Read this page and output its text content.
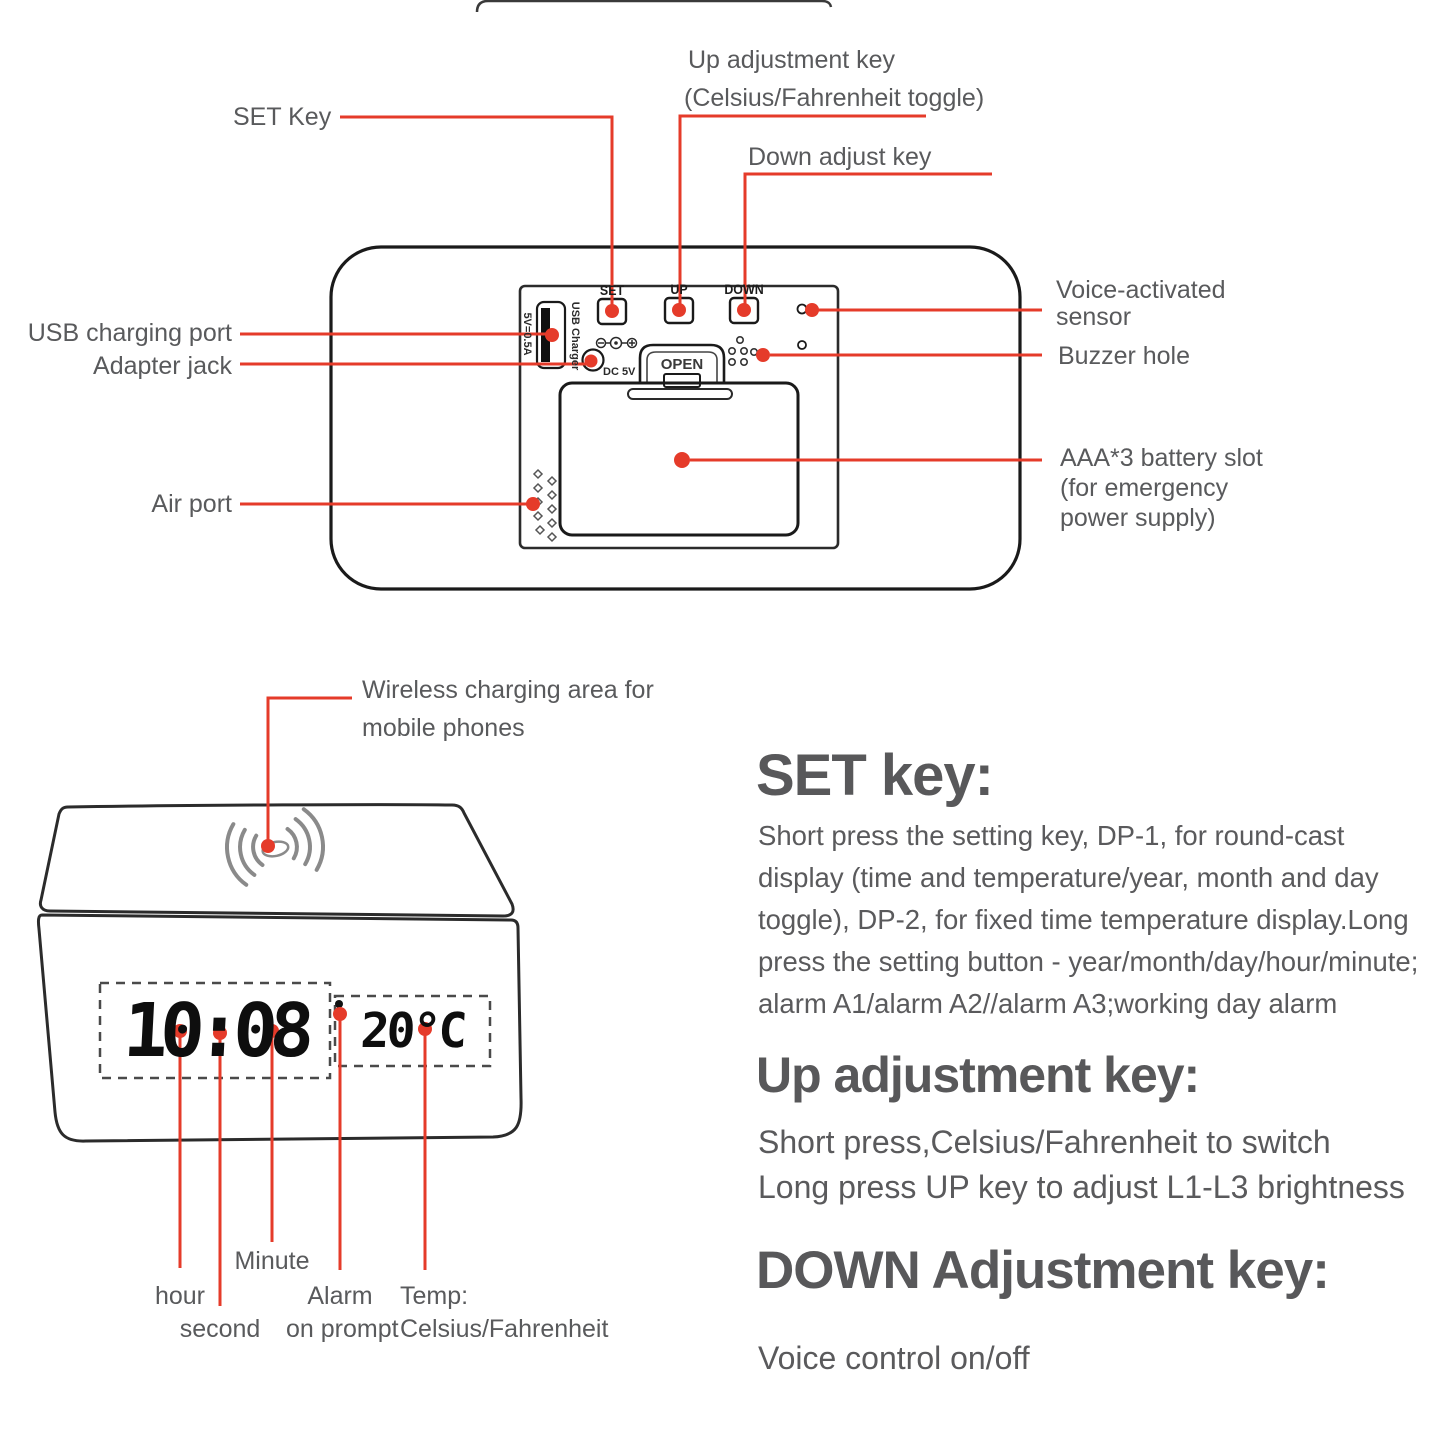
SET	UP	DOWN
5V=0.5A	USB Charger
DC 5V	OPEN
SET Key
Up adjustment key
(Celsius/Fahrenheit toggle)
Down adjust key
USB charging port
Adapter jack
Air port
Voice-activated
sensor
Buzzer hole
AAA*3 battery slot
(for emergency
power supply)
Wireless charging area for
mobile phones
10:08	20°C
hour
second
Minute
Alarm
on prompt
Temp:
Celsius/Fahrenheit
SET key:
Short press the setting key, DP-1, for round-cast
display (time and temperature/year, month and day
toggle), DP-2, for fixed time temperature display.Long
press the setting button - year/month/day/hour/minute;
alarm A1/alarm A2//alarm A3;working day alarm
Up adjustment key:
Short press,Celsius/Fahrenheit to switch
Long press UP key to adjust L1-L3 brightness
DOWN Adjustment key:
Voice control on/off
